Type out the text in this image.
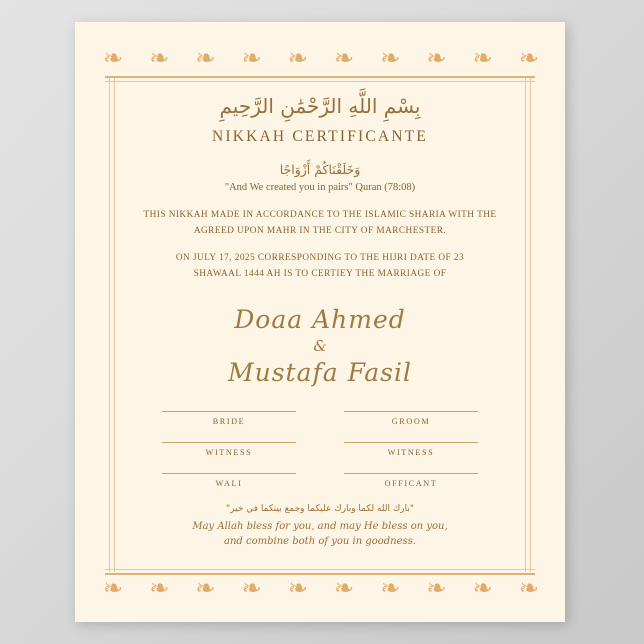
❧ ❧ ❧ ❧ ❧ ❧ ❧ ❧ ❧ ❧
❧ ❧ ❧ ❧ ❧ ❧ ❧ ❧ ❧ ❧
بِسْمِ اللَّهِ الرَّحْمَٰنِ الرَّحِيمِ
NIKKAH CERTIFICANTE
وَخَلَقْنَاكُمْ أَزْوَاجًا
"And We created you in pairs" Quran (78:08)
THIS NIKKAH MADE IN ACCORDANCE TO THE ISLAMIC SHARIA WITH THE
AGREED UPON MAHR IN THE CITY OF MARCHESTER.
ON JULY 17, 2025 CORRESPONDING TO THE HIJRI DATE OF 23
SHAWAAL 1444 AH IS TO CERTIEY THE MARRIAGE OF
Doaa Ahmed
&
Mustafa Fasil
BRIDE	GROOM
WITNESS	WITNESS
WALI	OFFICANT
"بارك الله لكما وبارك عليكما وجمع بينكما في خير"
May Allah bless for you, and may He bless on you,
and combine both of you in goodness.
